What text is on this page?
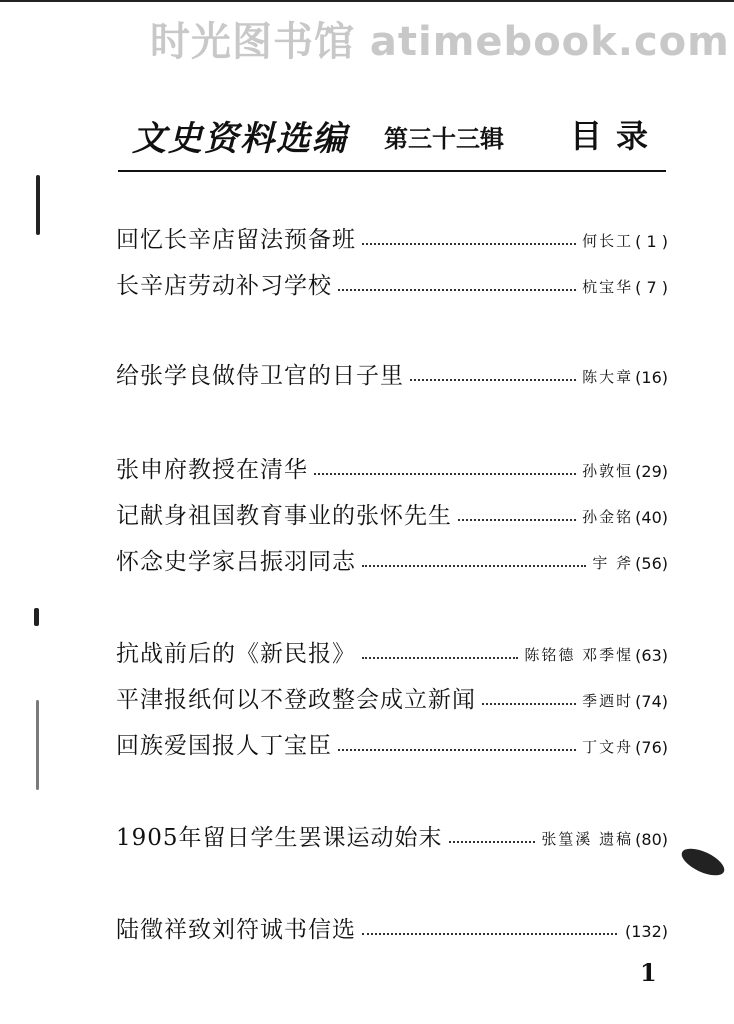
时光图书馆 atimebook.com
文史资料选编 第三十三辑 目录
回忆长辛店留法预备班	何长工 ( 1 )
长辛店劳动补习学校	杭宝华 ( 7 )
给张学良做侍卫官的日子里	陈大章 (16)
张申府教授在清华	孙敦恒 (29)
记献身祖国教育事业的张怀先生	孙金铭 (40)
怀念史学家吕振羽同志	宇 斧 (56)
抗战前后的《新民报》	陈铭德 邓季惺 (63)
平津报纸何以不登政整会成立新闻	季迺时 (74)
回族爱国报人丁宝臣	丁文舟 (76)
1905年留日学生罢课运动始末	张篁溪 遗稿 (80)
陆徵祥致刘符诚书信选	(132)
1
